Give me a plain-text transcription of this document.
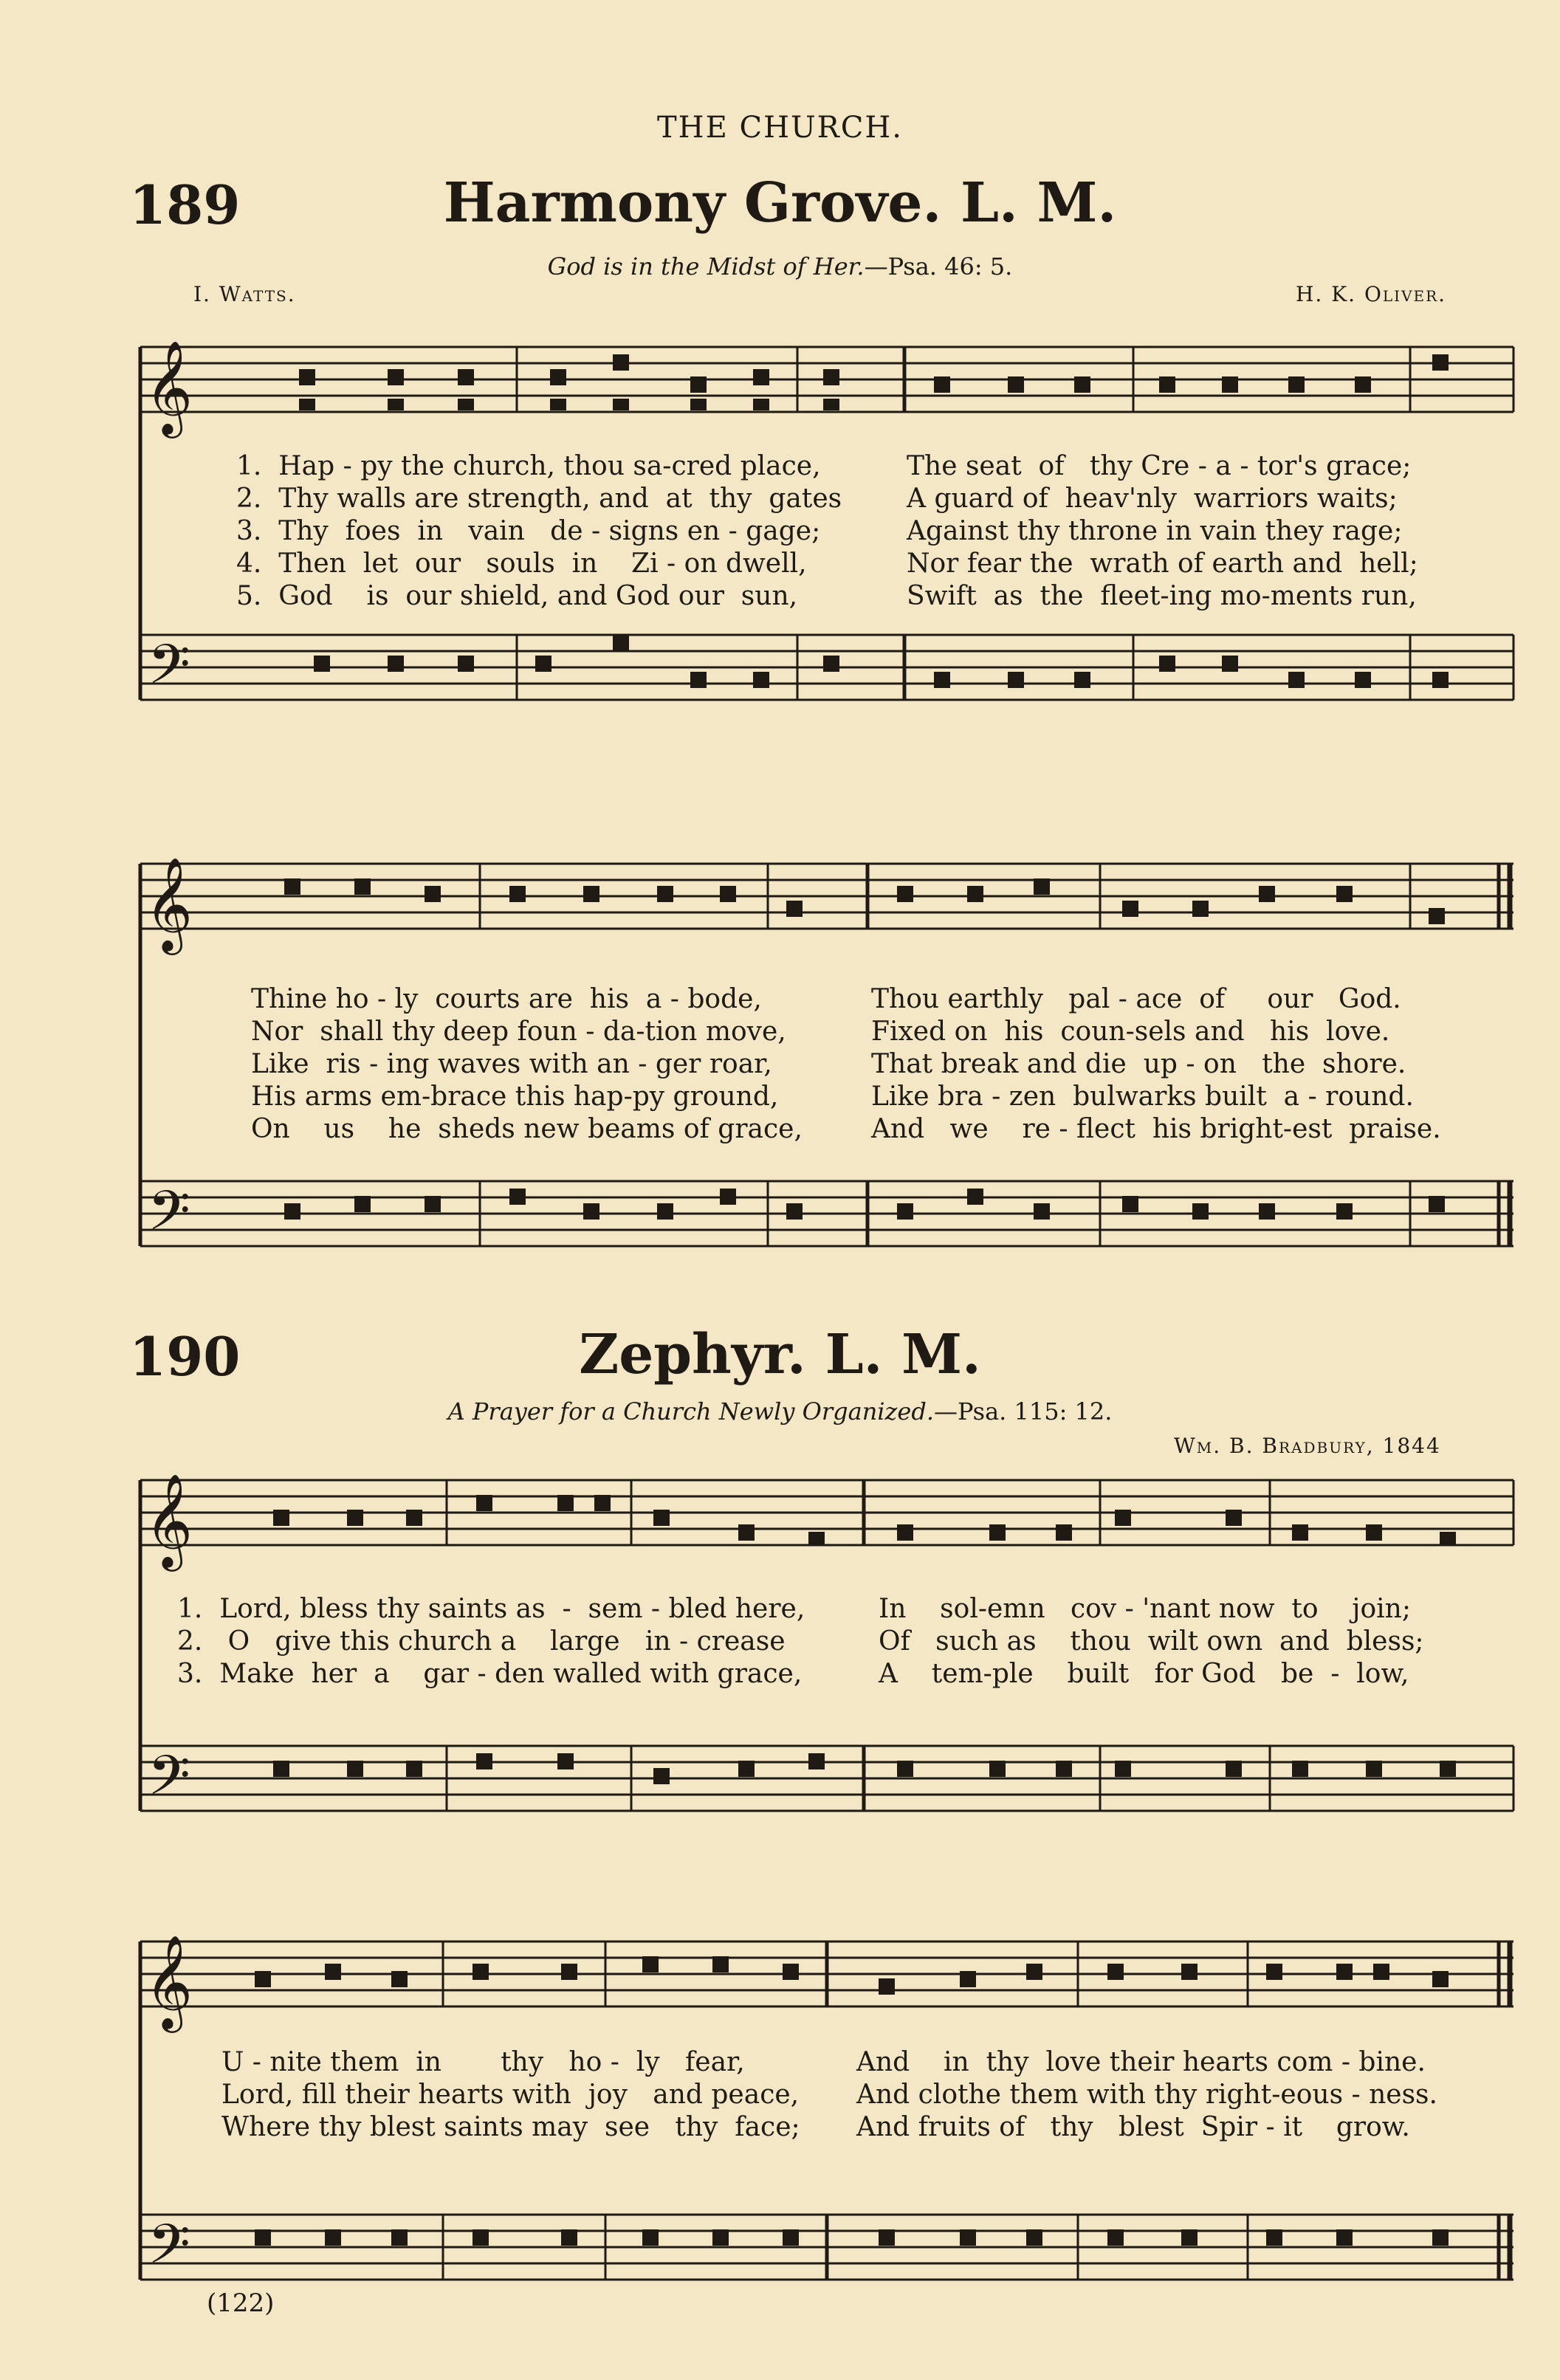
THE CHURCH.
189	Harmony Grove. L. M.
God is in the Midst of Her.—Psa. 46: 5.
I. Watts.	H. K. Oliver.
𝄞
𝄢
1.  Hap - py the church, thou sa-cred place,
2.  Thy walls are strength, and  at  thy  gates
3.  Thy  foes  in   vain   de - signs en - gage;
4.  Then  let  our   souls  in    Zi - on dwell,
5.  God    is  our shield, and God our  sun,
The seat  of   thy Cre - a - tor's grace;
A guard of  heav'nly  warriors waits;
Against thy throne in vain they rage;
Nor fear the  wrath of earth and  hell;
Swift  as  the  fleet-ing mo-ments run,
𝄞
𝄢
Thine ho - ly  courts are  his  a - bode,
Nor  shall thy deep foun - da-tion move,
Like  ris - ing waves with an - ger roar,
His arms em-brace this hap-py ground,
On    us    he  sheds new beams of grace,
Thou earthly   pal - ace  of     our   God.
Fixed on  his  coun-sels and   his  love.
That break and die  up - on   the  shore.
Like bra - zen  bulwarks built  a - round.
And   we    re - flect  his bright-est  praise.
190	Zephyr. L. M.
A Prayer for a Church Newly Organized.—Psa. 115: 12.
Wm. B. Bradbury, 1844
𝄞
𝄢
1.  Lord, bless thy saints as  -  sem - bled here,
2.   O   give this church a    large   in - crease
3.  Make  her  a    gar - den walled with grace,
In    sol-emn   cov - 'nant now  to    join;
Of   such as    thou  wilt own  and  bless;
A    tem-ple    built   for God   be  -  low,
𝄞
𝄢
U - nite them  in       thy   ho -  ly   fear,
Lord, fill their hearts with  joy   and peace,
Where thy blest saints may  see   thy  face;
And    in  thy  love their hearts com - bine.
And clothe them with thy right-eous - ness.
And fruits of   thy   blest  Spir - it    grow.
(122)
